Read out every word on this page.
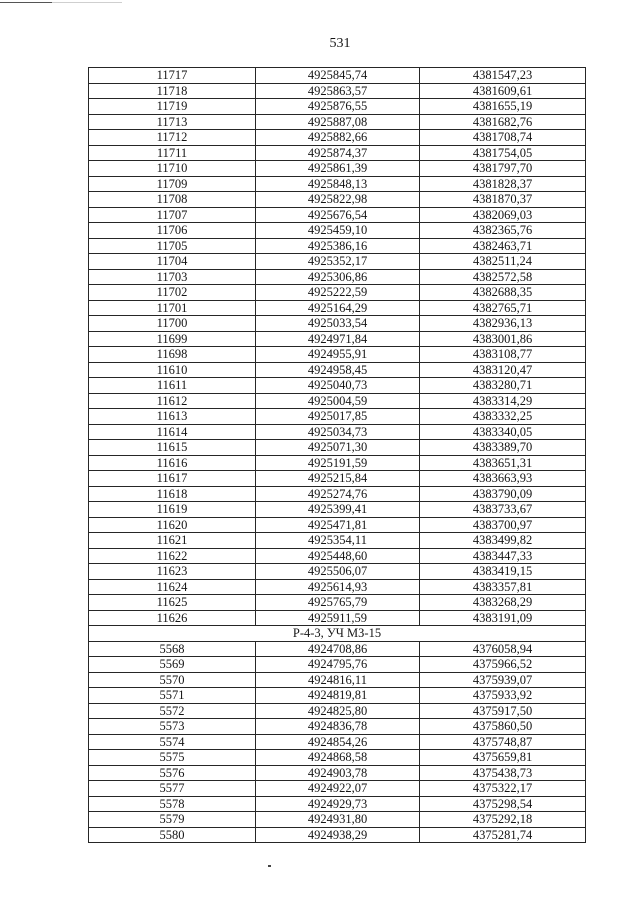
531
11717	4925845,74	4381547,23
11718	4925863,57	4381609,61
11719	4925876,55	4381655,19
11713	4925887,08	4381682,76
11712	4925882,66	4381708,74
11711	4925874,37	4381754,05
11710	4925861,39	4381797,70
11709	4925848,13	4381828,37
11708	4925822,98	4381870,37
11707	4925676,54	4382069,03
11706	4925459,10	4382365,76
11705	4925386,16	4382463,71
11704	4925352,17	4382511,24
11703	4925306,86	4382572,58
11702	4925222,59	4382688,35
11701	4925164,29	4382765,71
11700	4925033,54	4382936,13
11699	4924971,84	4383001,86
11698	4924955,91	4383108,77
11610	4924958,45	4383120,47
11611	4925040,73	4383280,71
11612	4925004,59	4383314,29
11613	4925017,85	4383332,25
11614	4925034,73	4383340,05
11615	4925071,30	4383389,70
11616	4925191,59	4383651,31
11617	4925215,84	4383663,93
11618	4925274,76	4383790,09
11619	4925399,41	4383733,67
11620	4925471,81	4383700,97
11621	4925354,11	4383499,82
11622	4925448,60	4383447,33
11623	4925506,07	4383419,15
11624	4925614,93	4383357,81
11625	4925765,79	4383268,29
11626	4925911,59	4383191,09
Р-4-3, УЧ МЗ-15		
5568	4924708,86	4376058,94
5569	4924795,76	4375966,52
5570	4924816,11	4375939,07
5571	4924819,81	4375933,92
5572	4924825,80	4375917,50
5573	4924836,78	4375860,50
5574	4924854,26	4375748,87
5575	4924868,58	4375659,81
5576	4924903,78	4375438,73
5577	4924922,07	4375322,17
5578	4924929,73	4375298,54
5579	4924931,80	4375292,18
5580	4924938,29	4375281,74
